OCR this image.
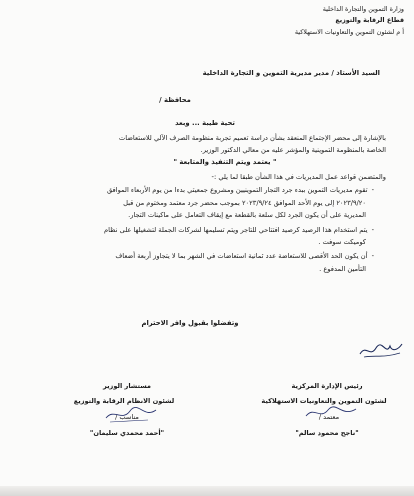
وزارة التموين والتجارة الداخلية
قطاع الرقابة والتوزيع
أ م لشئون التموين والتعاونيات الاستهلاكية
السيد الأستاذ / مدير مديرية التموين و التجارة الداخلية
محافظة /
تحية طيبة ... وبعد
بالإشارة إلى محضر الإجتماع المنعقد بشأن دراسة تعميم تجربة منظومة الصرف الآلي للاستعاضات
الخاصة بالمنظومة التموينية والمؤشر عليه من معالي الدكتور الوزير.
" يعتمد ويتم التنفيذ والمتابعة "
والمتضمن قواعد عمل المديريات في هذا الشأن طبقا لما يلي :-
- تقوم مديريات التموين ببدء جرد التجار التموينيين ومشروع جمعيتي بدءا من يوم الأربعاء الموافق
٢٠٢٣/٩/٢٠ إلى يوم الأحد الموافق ٢٠٢٣/٩/٢٤ بموجب محضر جرد معتمد ومختوم من قبل
المديرية على أن يكون الجرد لكل سلعة بالقطعة مع إيقاف التعامل على ماكينات التجار.
- يتم استخدام هذا الرصيد كرصيد افتتاحي للتاجر ويتم تسليمها لشركات الجملة لتشغيلها على نظام
كوميكت سوفت .
- أن يكون الحد الأقصى للاستعاضة عدد ثمانية استعاضات في الشهر بما لا يتجاوز أربعة أضعاف
التأمين المدفوع .
وتفضلوا بقبول وافر الاحترام
رئيس الإدارة المركزية
لشئون التموين والتعاونيات الاستهلاكية
معتمد /
"ناجح محمود سالم"
مستشار الوزير
لشئون الانظام الرقابة والتوزيع
مناسب /
"أحمد محمدي سليمان"
